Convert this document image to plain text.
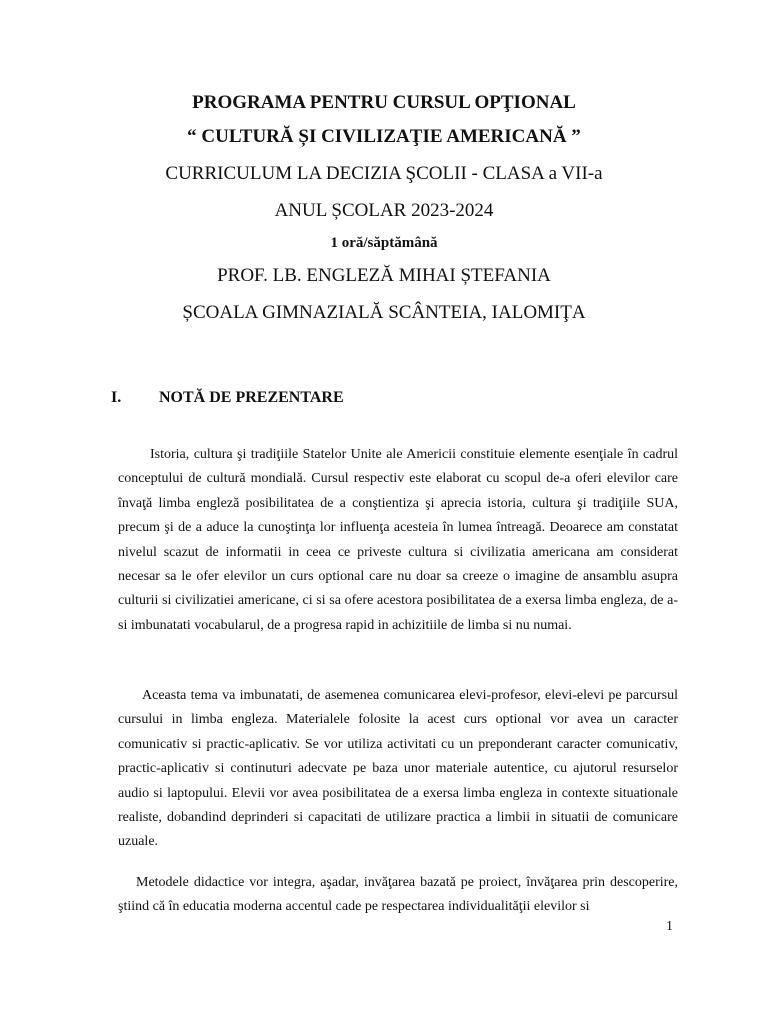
PROGRAMA PENTRU CURSUL OPŢIONAL
“ CULTURĂ ȘI CIVILIZAŢIE AMERICANĂ ”
CURRICULUM LA DECIZIA ŞCOLII - CLASA a VII-a
ANUL ȘCOLAR 2023-2024
1 oră/săptămână
PROF. LB. ENGLEZĂ MIHAI ȘTEFANIA
ȘCOALA GIMNAZIALĂ SCÂNTEIA, IALOMIŢA
I. NOTĂ DE PREZENTARE

Istoria, cultura şi tradiţiile Statelor Unite ale Americii constituie elemente esenţiale în cadrul conceptului de cultură mondială. Cursul respectiv este elaborat cu scopul de-a oferi elevilor care învaţă limba engleză posibilitatea de a conştientiza şi aprecia istoria, cultura şi tradiţiile SUA, precum şi de a aduce la cunoştinţa lor influenţa acesteia în lumea întreagă. Deoarece am constatat nivelul scazut de informatii in ceea ce priveste cultura si civilizatia americana am considerat necesar sa le ofer elevilor un curs optional care nu doar sa creeze o imagine de ansamblu asupra culturii si civilizatiei americane, ci si sa ofere acestora posibilitatea de a exersa limba engleza, de a-si imbunatati vocabularul, de a progresa rapid in achizitiile de limba si nu numai.

Aceasta tema va imbunatati, de asemenea comunicarea elevi-profesor, elevi-elevi pe parcursul cursului in limba engleza. Materialele folosite la acest curs optional vor avea un caracter comunicativ si practic-aplicativ. Se vor utiliza activitati cu un preponderant caracter comunicativ, practic-aplicativ si continuturi adecvate pe baza unor materiale autentice, cu ajutorul resurselor audio si laptopului. Elevii vor avea posibilitatea de a exersa limba engleza in contexte situationale realiste, dobandind deprinderi si capacitati de utilizare practica a limbii in situatii de comunicare uzuale.

Metodele didactice vor integra, aşadar, invăţarea bazată pe proiect, învăţarea prin descoperire, ştiind că în educatia moderna accentul cade pe respectarea individualităţii elevilor si

1
